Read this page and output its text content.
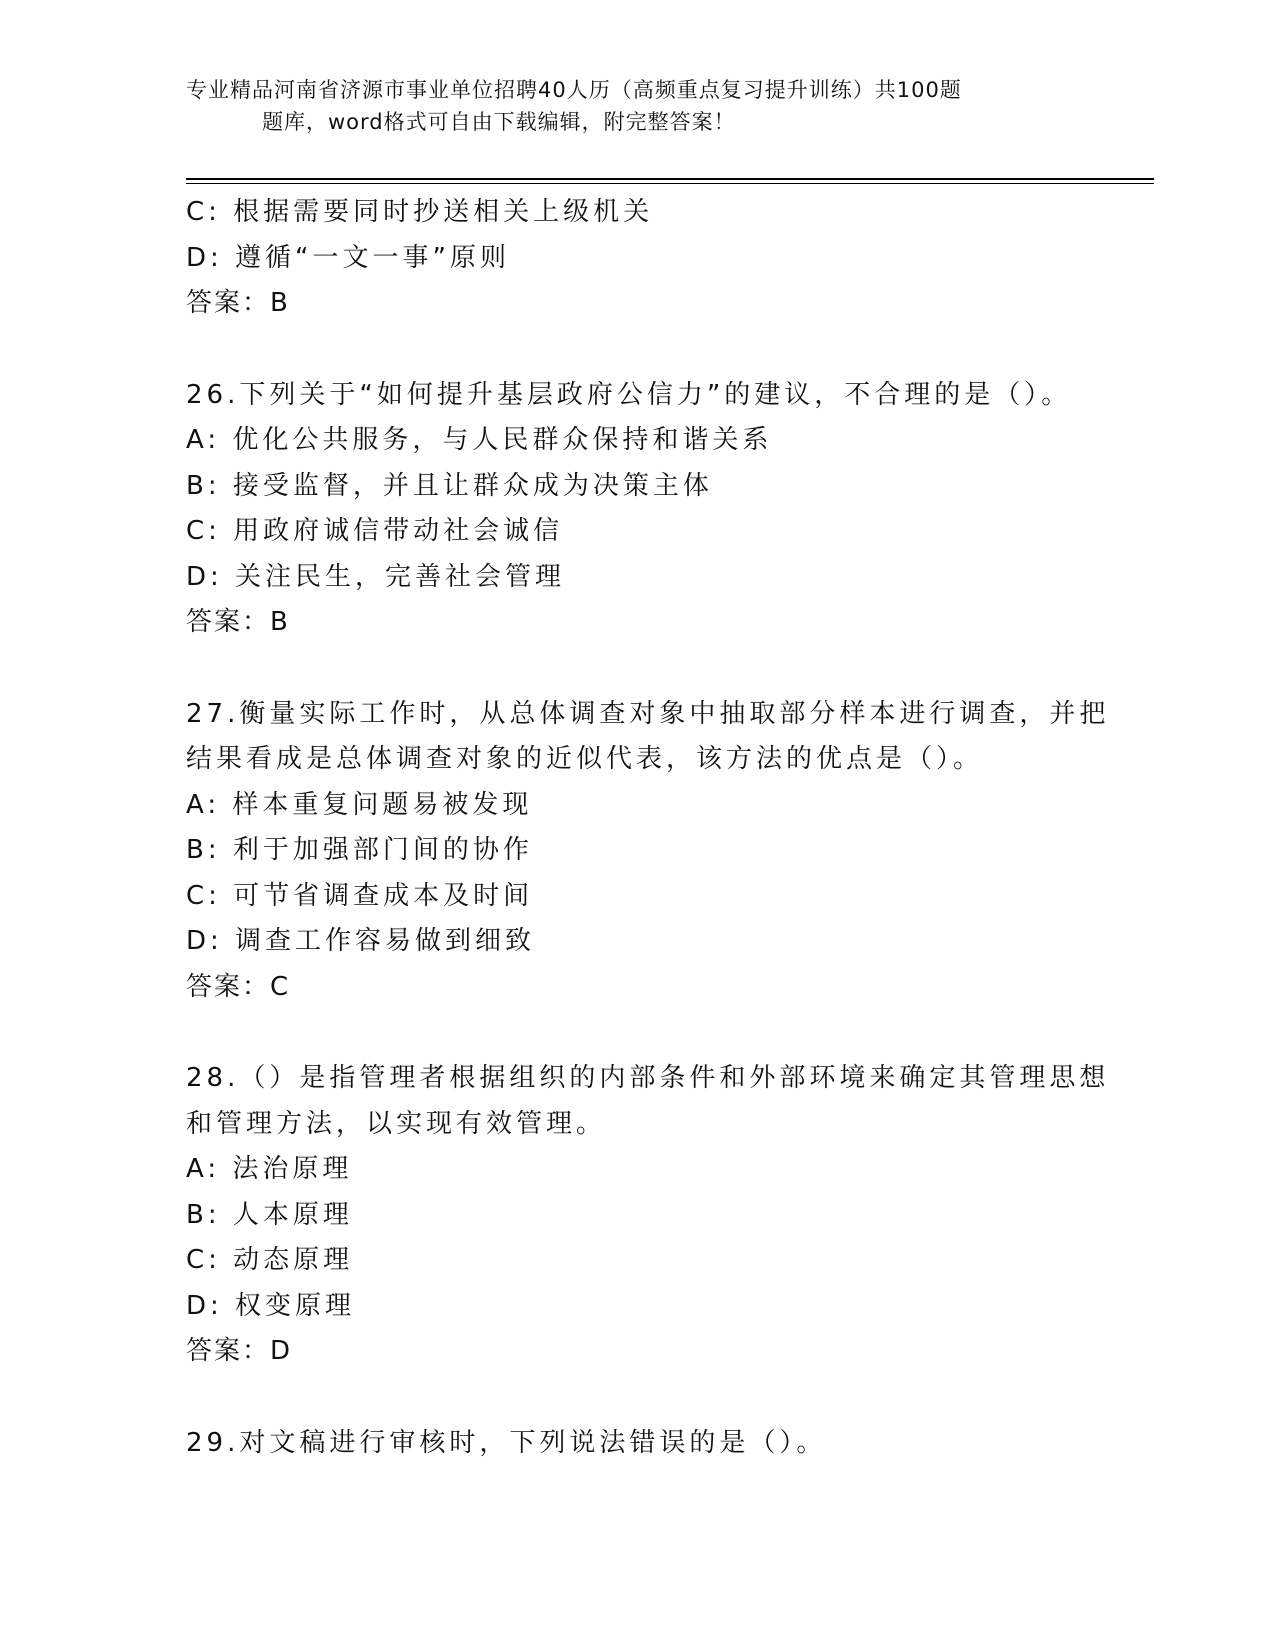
专业精品河南省济源市事业单位招聘40人历（高频重点复习提升训练）共100题
题库，word格式可自由下载编辑，附完整答案！
C: 根据需要同时抄送相关上级机关
D: 遵循“一文一事”原则
答案：B
26.下列关于“如何提升基层政府公信力”的建议，不合理的是（）。
A: 优化公共服务，与人民群众保持和谐关系
B: 接受监督，并且让群众成为决策主体
C: 用政府诚信带动社会诚信
D: 关注民生，完善社会管理
答案：B
27.衡量实际工作时，从总体调查对象中抽取部分样本进行调查，并把
结果看成是总体调查对象的近似代表，该方法的优点是（）。
A: 样本重复问题易被发现
B: 利于加强部门间的协作
C: 可节省调查成本及时间
D: 调查工作容易做到细致
答案：C
28.（）是指管理者根据组织的内部条件和外部环境来确定其管理思想
和管理方法，以实现有效管理。
A: 法治原理
B: 人本原理
C: 动态原理
D: 权变原理
答案：D
29.对文稿进行审核时，下列说法错误的是（）。
